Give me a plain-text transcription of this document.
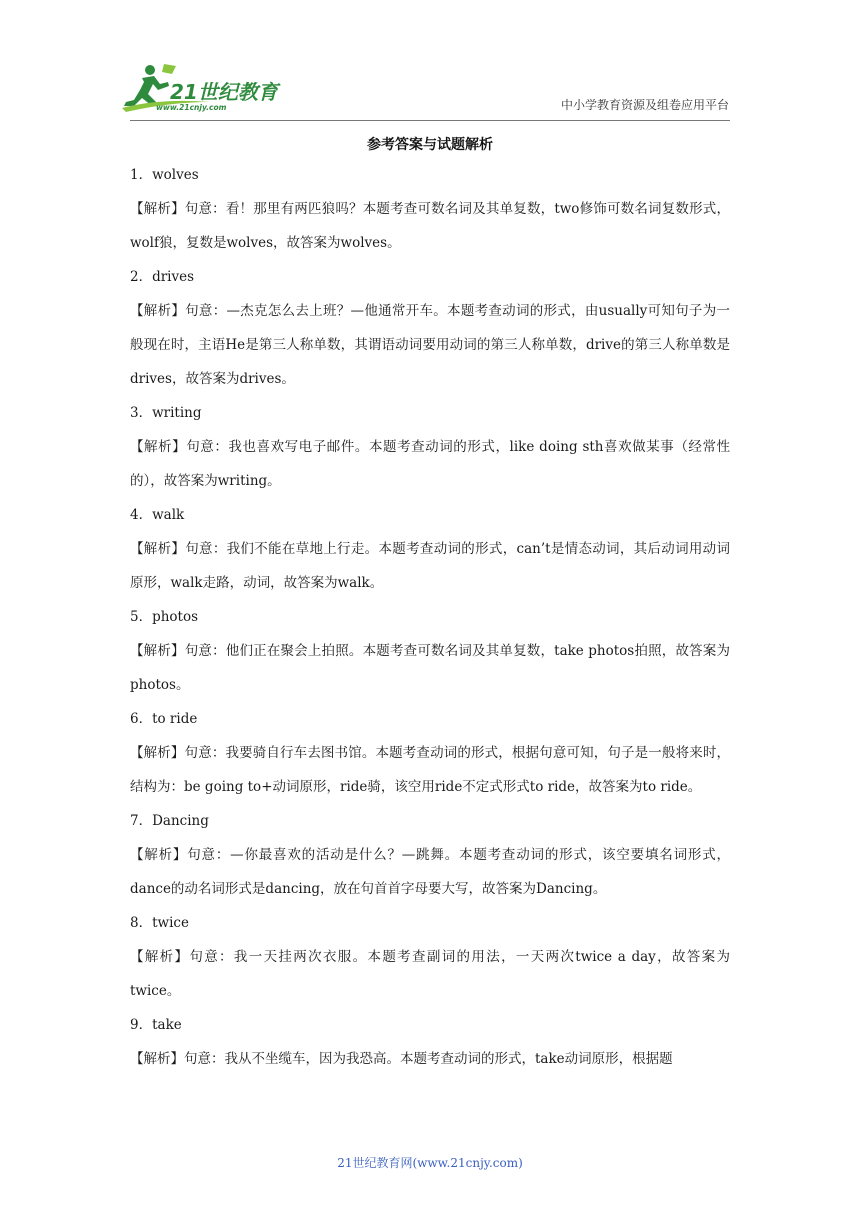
21世纪教育
www.21cnjy.com	中小学教育资源及组卷应用平台
参考答案与试题解析
1．wolves
【解析】句意：看！那里有两匹狼吗？本题考查可数名词及其单复数，two修饰可数名词复数形式，wolf狼，复数是wolves，故答案为wolves。
2．drives
【解析】句意：—杰克怎么去上班？—他通常开车。本题考查动词的形式，由usually可知句子为一般现在时，主语He是第三人称单数，其谓语动词要用动词的第三人称单数，drive的第三人称单数是drives，故答案为drives。
3．writing
【解析】句意：我也喜欢写电子邮件。本题考查动词的形式，like doing sth喜欢做某事（经常性的），故答案为writing。
4．walk
【解析】句意：我们不能在草地上行走。本题考查动词的形式，can’t是情态动词，其后动词用动词原形，walk走路，动词，故答案为walk。
5．photos
【解析】句意：他们正在聚会上拍照。本题考查可数名词及其单复数，take photos拍照，故答案为photos。
6．to ride
【解析】句意：我要骑自行车去图书馆。本题考查动词的形式，根据句意可知，句子是一般将来时，结构为：be going to+动词原形，ride骑，该空用ride不定式形式to ride，故答案为to ride。
7．Dancing
【解析】句意：—你最喜欢的活动是什么？—跳舞。本题考查动词的形式，该空要填名词形式，dance的动名词形式是dancing，放在句首首字母要大写，故答案为Dancing。
8．twice
【解析】句意：我一天挂两次衣服。本题考查副词的用法，一天两次twice a day，故答案为twice。
9．take
【解析】句意：我从不坐缆车，因为我恐高。本题考查动词的形式，take动词原形，根据题
21世纪教育网(www.21cnjy.com)
